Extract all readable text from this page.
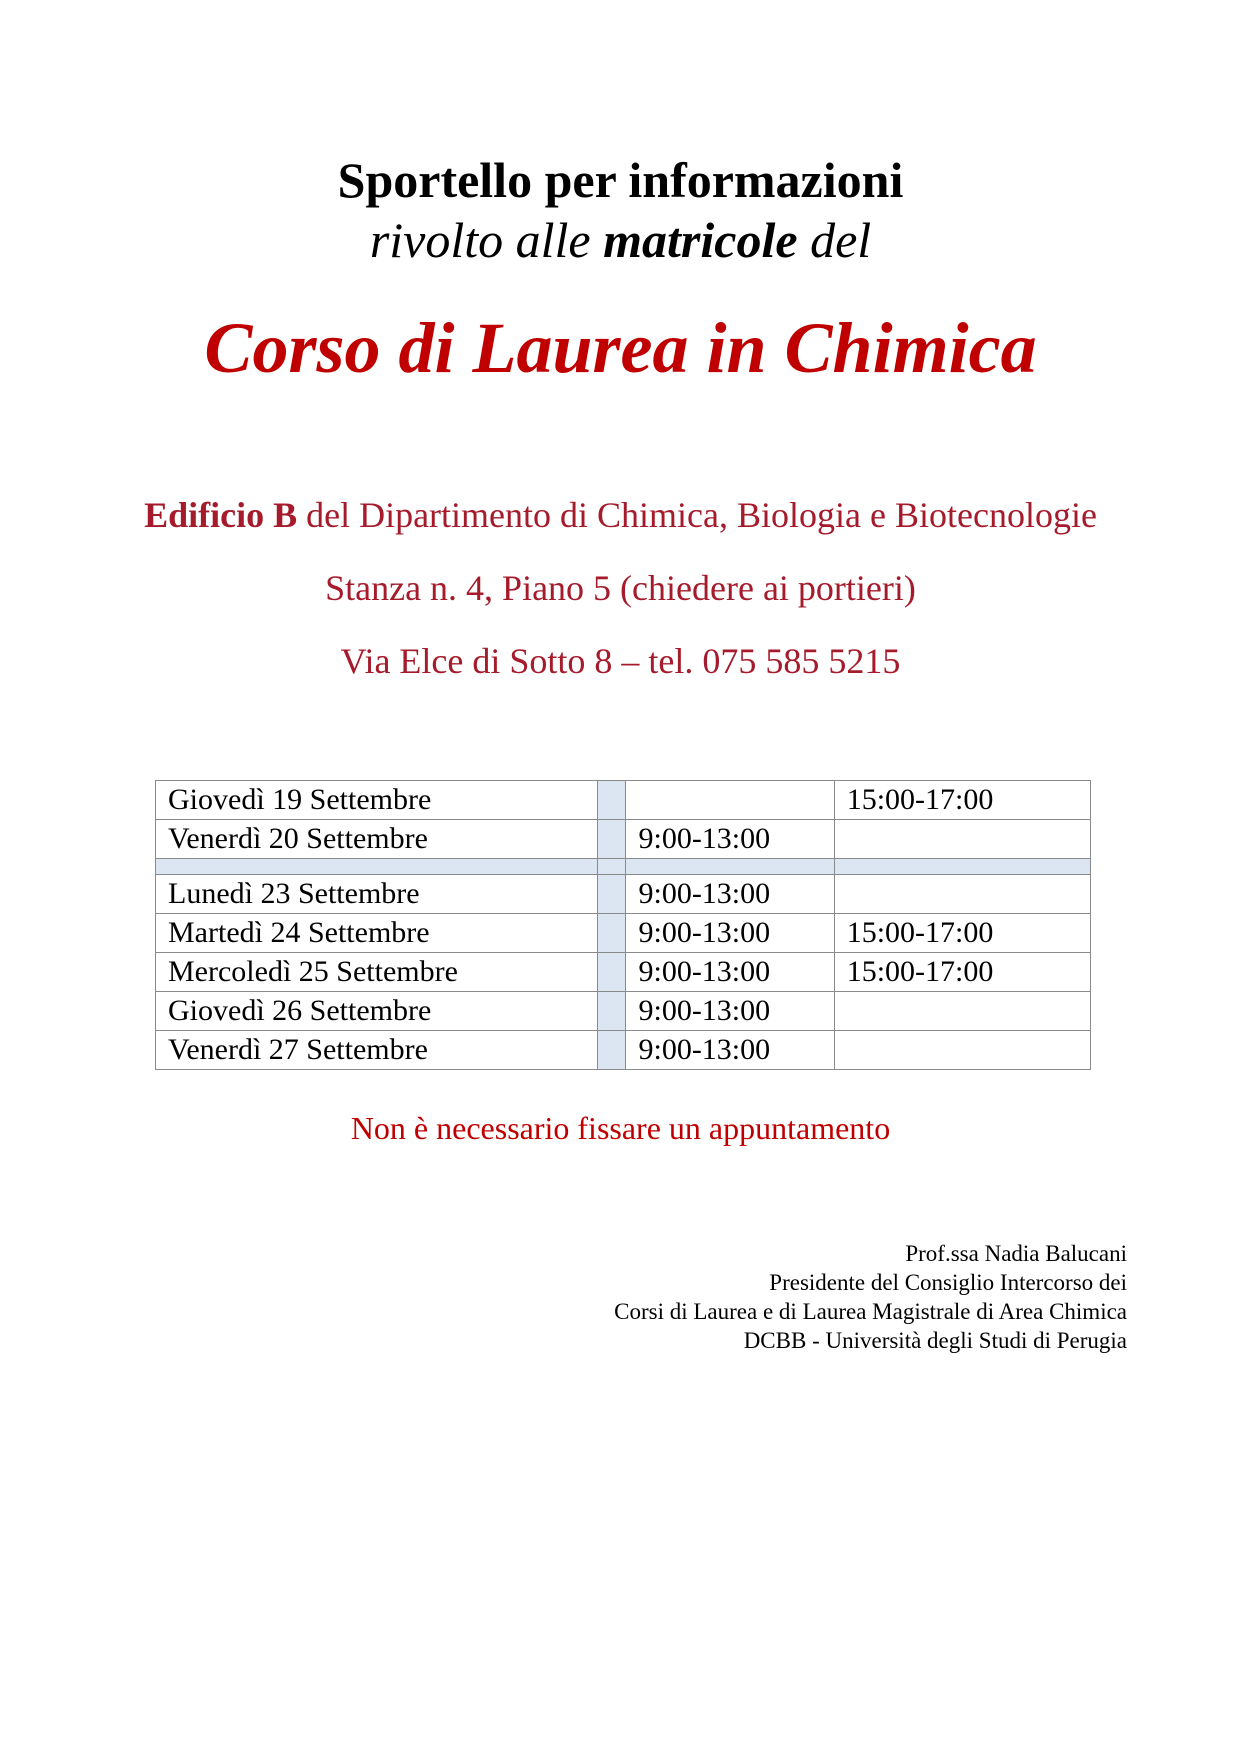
Sportello per informazioni
rivolto alle matricole del
Corso di Laurea in Chimica
Edificio B del Dipartimento di Chimica, Biologia e Biotecnologie
Stanza n. 4, Piano 5 (chiedere ai portieri)
Via Elce di Sotto 8 – tel. 075 585 5215
Giovedì 19 Settembre			15:00-17:00
Venerdì 20 Settembre		9:00-13:00	

Lunedì 23 Settembre		9:00-13:00	
Martedì 24 Settembre		9:00-13:00	15:00-17:00
Mercoledì 25 Settembre		9:00-13:00	15:00-17:00
Giovedì 26 Settembre		9:00-13:00	
Venerdì 27 Settembre		9:00-13:00	
Non è necessario fissare un appuntamento
Prof.ssa Nadia Balucani
Presidente del Consiglio Intercorso dei
Corsi di Laurea e di Laurea Magistrale di Area Chimica
DCBB - Università degli Studi di Perugia
